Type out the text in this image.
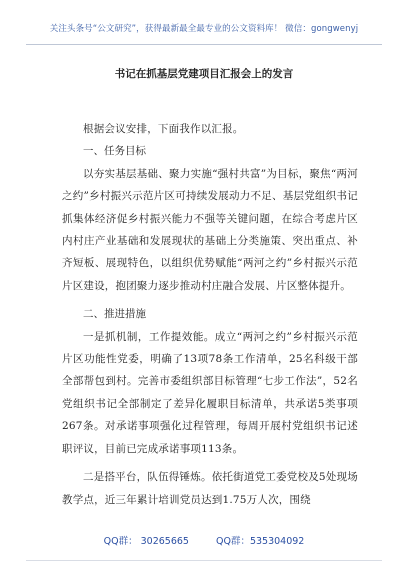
关注头条号“公文研究”，获得最新最全最专业的公文资料库！ 微信：gongwenyj
书记在抓基层党建项目汇报会上的发言

根据会议安排，下面我作以汇报。

一、任务目标

以夯实基层基础、聚力实施“强村共富”为目标，聚焦“两河之约”乡村振兴示范片区可持续发展动力不足、基层党组织书记抓集体经济促乡村振兴能力不强等关键问题，在综合考虑片区内村庄产业基础和发展现状的基础上分类施策、突出重点、补齐短板、展现特色，以组织优势赋能“两河之约”乡村振兴示范片区建设，抱团聚力逐步推动村庄融合发展、片区整体提升。

二、推进措施

一是抓机制，工作提效能。成立“两河之约”乡村振兴示范片区功能性党委，明确了13项78条工作清单，25名科级干部全部帮包到村。完善市委组织部目标管理“七步工作法”，52名党组织书记全部制定了差异化履职目标清单，共承诺5类事项267条。对承诺事项强化过程管理，每周开展村党组织书记述职评议，目前已完成承诺事项113条。

二是搭平台，队伍得锤炼。依托街道党工委党校及5处现场教学点，近三年累计培训党员达到1.75万人次，围绕

QQ群： 30265665	QQ群：535304092
